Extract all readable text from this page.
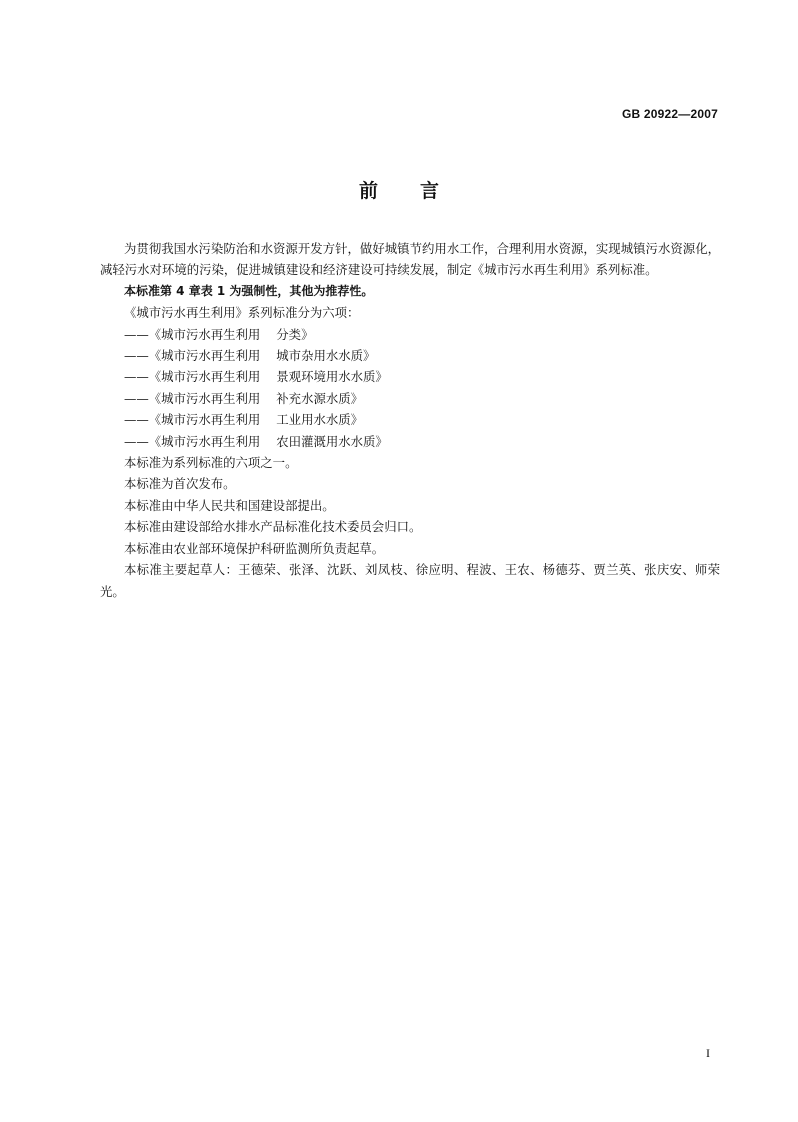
GB 20922—2007
前言

为贯彻我国水污染防治和水资源开发方针，做好城镇节约用水工作，合理利用水资源，实现城镇污水资源化，减轻污水对环境的污染，促进城镇建设和经济建设可持续发展，制定《城市污水再生利用》系列标准。

本标准第 4 章表 1 为强制性，其他为推荐性。

《城市污水再生利用》系列标准分为六项：

——《城市污水再生利用 分类》

——《城市污水再生利用 城市杂用水水质》

——《城市污水再生利用 景观环境用水水质》

——《城市污水再生利用 补充水源水质》

——《城市污水再生利用 工业用水水质》

——《城市污水再生利用 农田灌溉用水水质》

本标准为系列标准的六项之一。

本标准为首次发布。

本标准由中华人民共和国建设部提出。

本标准由建设部给水排水产品标准化技术委员会归口。

本标准由农业部环境保护科研监测所负责起草。

本标准主要起草人：王德荣、张泽、沈跃、刘凤枝、徐应明、程波、王农、杨德芬、贾兰英、张庆安、师荣光。

I
